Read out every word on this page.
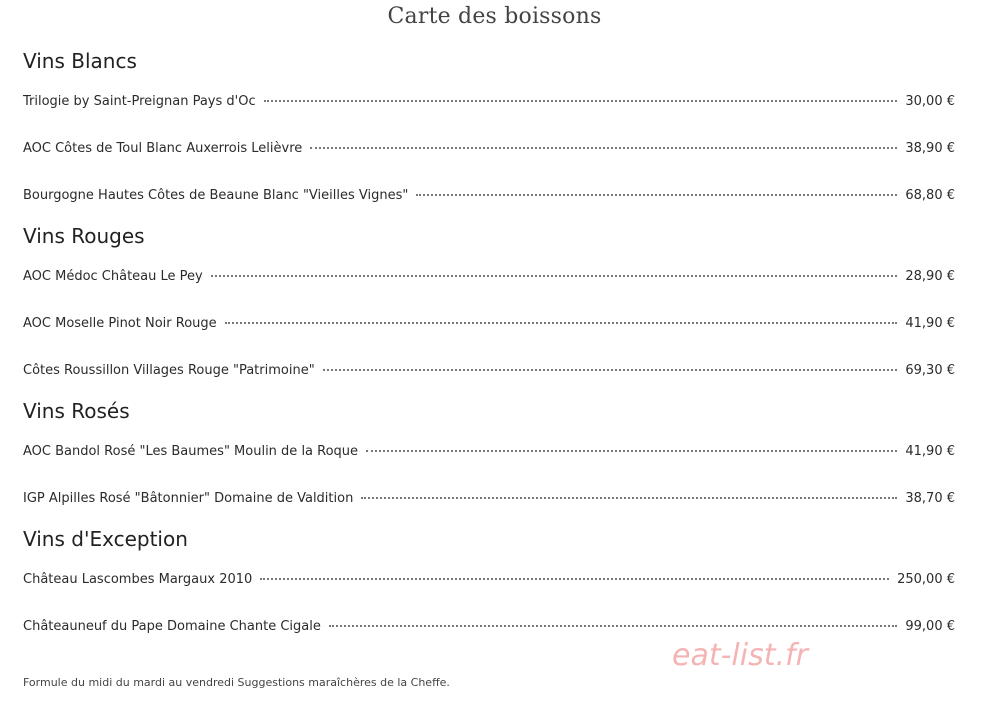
Carte des boissons
Vins Blancs
Trilogie by Saint-Preignan Pays d'Oc	30,00 €
AOC Côtes de Toul Blanc Auxerrois Lelièvre	38,90 €
Bourgogne Hautes Côtes de Beaune Blanc "Vieilles Vignes"	68,80 €
Vins Rouges
AOC Médoc Château Le Pey	28,90 €
AOC Moselle Pinot Noir Rouge	41,90 €
Côtes Roussillon Villages Rouge "Patrimoine"	69,30 €
Vins Rosés
AOC Bandol Rosé "Les Baumes" Moulin de la Roque	41,90 €
IGP Alpilles Rosé "Bâtonnier" Domaine de Valdition	38,70 €
Vins d'Exception
Château Lascombes Margaux 2010	250,00 €
Châteauneuf du Pape Domaine Chante Cigale	99,00 €
eat-list.fr
Formule du midi du mardi au vendredi Suggestions maraîchères de la Cheffe.
